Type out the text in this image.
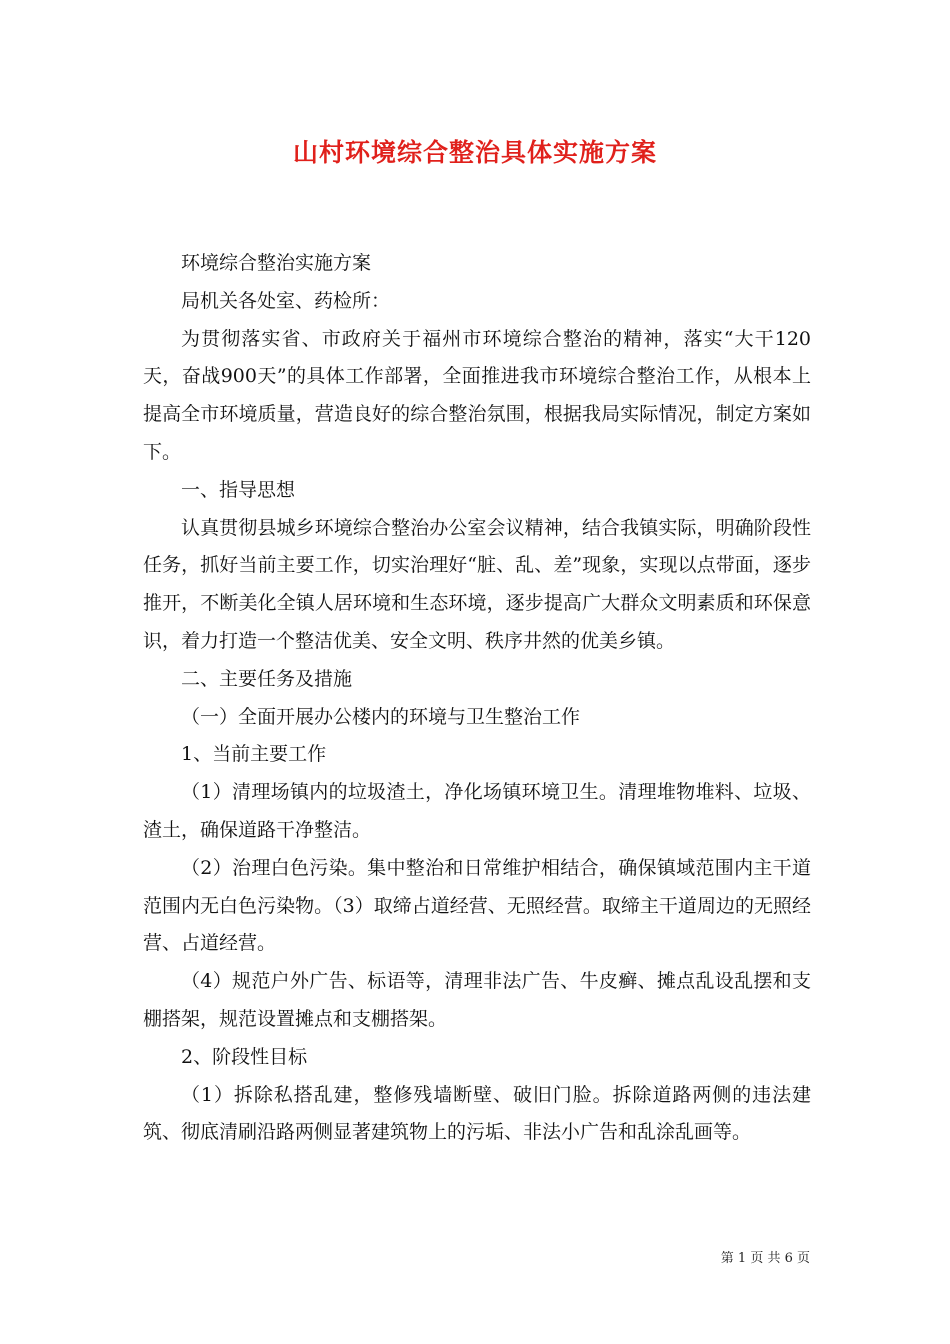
山村环境综合整治具体实施方案

环境综合整治实施方案

局机关各处室、药检所：

为贯彻落实省、市政府关于福州市环境综合整治的精神，落实“大干120天，奋战900天”的具体工作部署，全面推进我市环境综合整治工作，从根本上提高全市环境质量，营造良好的综合整治氛围，根据我局实际情况，制定方案如下。

一、指导思想

认真贯彻县城乡环境综合整治办公室会议精神，结合我镇实际，明确阶段性任务，抓好当前主要工作，切实治理好“脏、乱、差”现象，实现以点带面，逐步推开，不断美化全镇人居环境和生态环境，逐步提高广大群众文明素质和环保意识，着力打造一个整洁优美、安全文明、秩序井然的优美乡镇。

二、主要任务及措施

（一）全面开展办公楼内的环境与卫生整治工作

1、当前主要工作

（1）清理场镇内的垃圾渣土，净化场镇环境卫生。清理堆物堆料、垃圾、渣土，确保道路干净整洁。

（2）治理白色污染。集中整治和日常维护相结合，确保镇域范围内主干道范围内无白色污染物。（3）取缔占道经营、无照经营。取缔主干道周边的无照经营、占道经营。

（4）规范户外广告、标语等，清理非法广告、牛皮癣、摊点乱设乱摆和支棚搭架，规范设置摊点和支棚搭架。

2、阶段性目标

（1）拆除私搭乱建，整修残墙断壁、破旧门脸。拆除道路两侧的违法建筑、彻底清刷沿路两侧显著建筑物上的污垢、非法小广告和乱涂乱画等。

第 1 页 共 6 页
